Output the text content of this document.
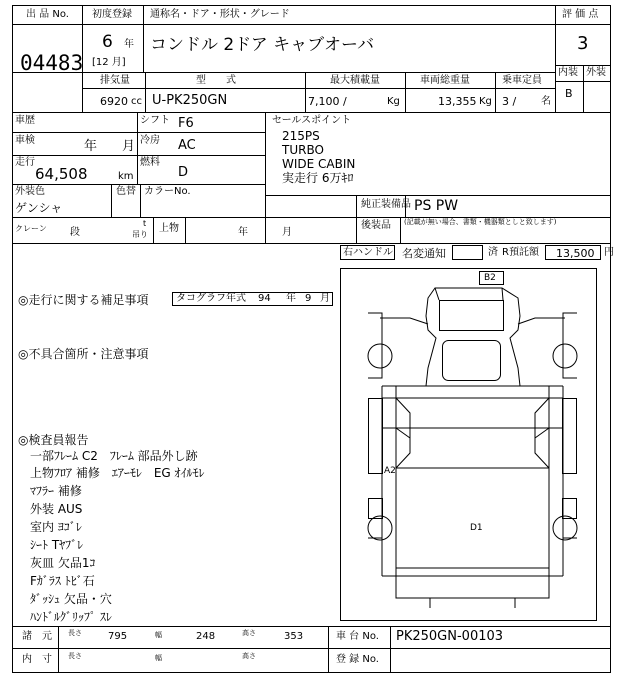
B2
A2
D1
出 品 No.
04483
初度登録
6 年
[12 月]
通称名・ドア・形状・グレード
コンドル 2ドア キャブオーバ
評 価 点
3
内装 外装
B
排気量
6920 cc
型　　式
U-PK250GN
最大積載量
7,100 /	Kg
車両総重量
13,355 Kg
乗車定員
3 / 名
車歴	シフト F6
車検	年 月 冷房 AC
走行
64,508	km
燃料
D
外装色
ゲンシャ
色替 カラーNo.
セールスポイント
215PS
TURBO
WIDE CABIN
実走行 6万ｷﾛ
純正装備品 PS PW
後装品 (記載が無い場合、書類・機器類としと致します)
クレーン 段
t
吊り
上物	年	月
右ハンドル 名変通知	済 R預託額 13,500 円
◎走行に関する補足事項	タコグラフ年式 94 年 9 月
◎不具合箇所・注意事項
◎検査員報告
一部ﾌﾚｰﾑ C2　ﾌﾚｰﾑ 部品外し跡
上物ﾌﾛｱ 補修　ｴｱｰﾓﾚ　EG ｵｲﾙﾓﾚ
ﾏﾌﾗｰ 補修
外装 AUS
室内 ﾖｺﾞﾚ
ｼｰﾄ Tﾔﾌﾞﾚ
灰皿 欠品1ｺ
Fｶﾞﾗｽ ﾄﾋﾞ石
ﾀﾞｯｼｭ 欠品・穴
ﾊﾝﾄﾞﾙｸﾞﾘｯﾌﾟ ｽﾚ
諸　元 長さ	795	幅	248	高さ	353	車 台 No. PK250GN-00103
内　寸 長さ	幅	高さ	登 録 No.
